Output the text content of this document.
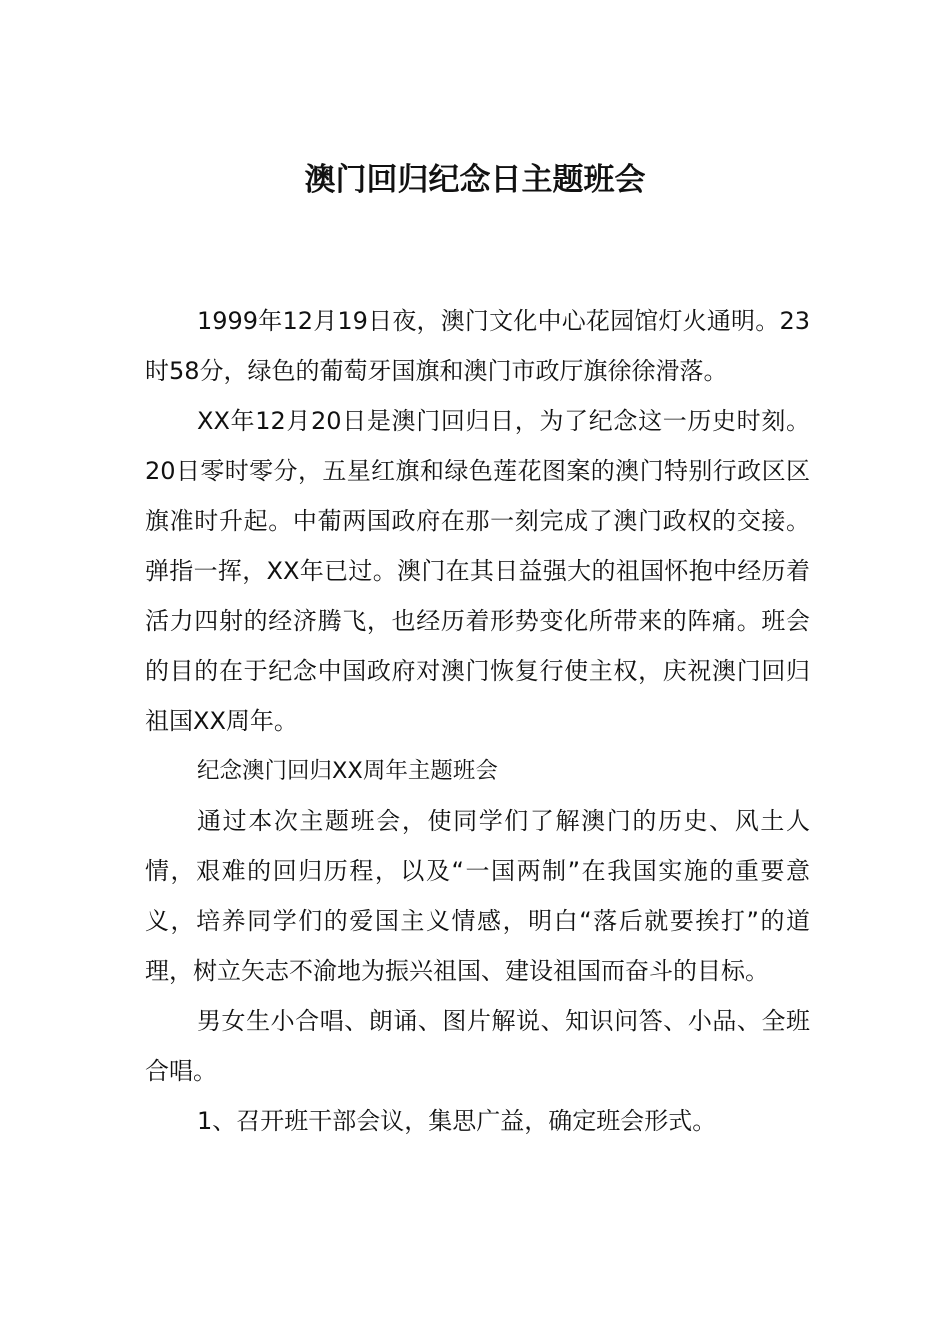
澳门回归纪念日主题班会

1999年12月19日夜，澳门文化中心花园馆灯火通明。23时58分，绿色的葡萄牙国旗和澳门市政厅旗徐徐滑落。

XX年12月20日是澳门回归日，为了纪念这一历史时刻。20日零时零分，五星红旗和绿色莲花图案的澳门特别行政区区旗准时升起。中葡两国政府在那一刻完成了澳门政权的交接。弹指一挥，XX年已过。澳门在其日益强大的祖国怀抱中经历着活力四射的经济腾飞，也经历着形势变化所带来的阵痛。班会的目的在于纪念中国政府对澳门恢复行使主权，庆祝澳门回归祖国XX周年。

纪念澳门回归XX周年主题班会

通过本次主题班会，使同学们了解澳门的历史、风土人情，艰难的回归历程，以及“一国两制”在我国实施的重要意义，培养同学们的爱国主义情感，明白“落后就要挨打”的道理，树立矢志不渝地为振兴祖国、建设祖国而奋斗的目标。

男女生小合唱、朗诵、图片解说、知识问答、小品、全班合唱。

1、召开班干部会议，集思广益，确定班会形式。
